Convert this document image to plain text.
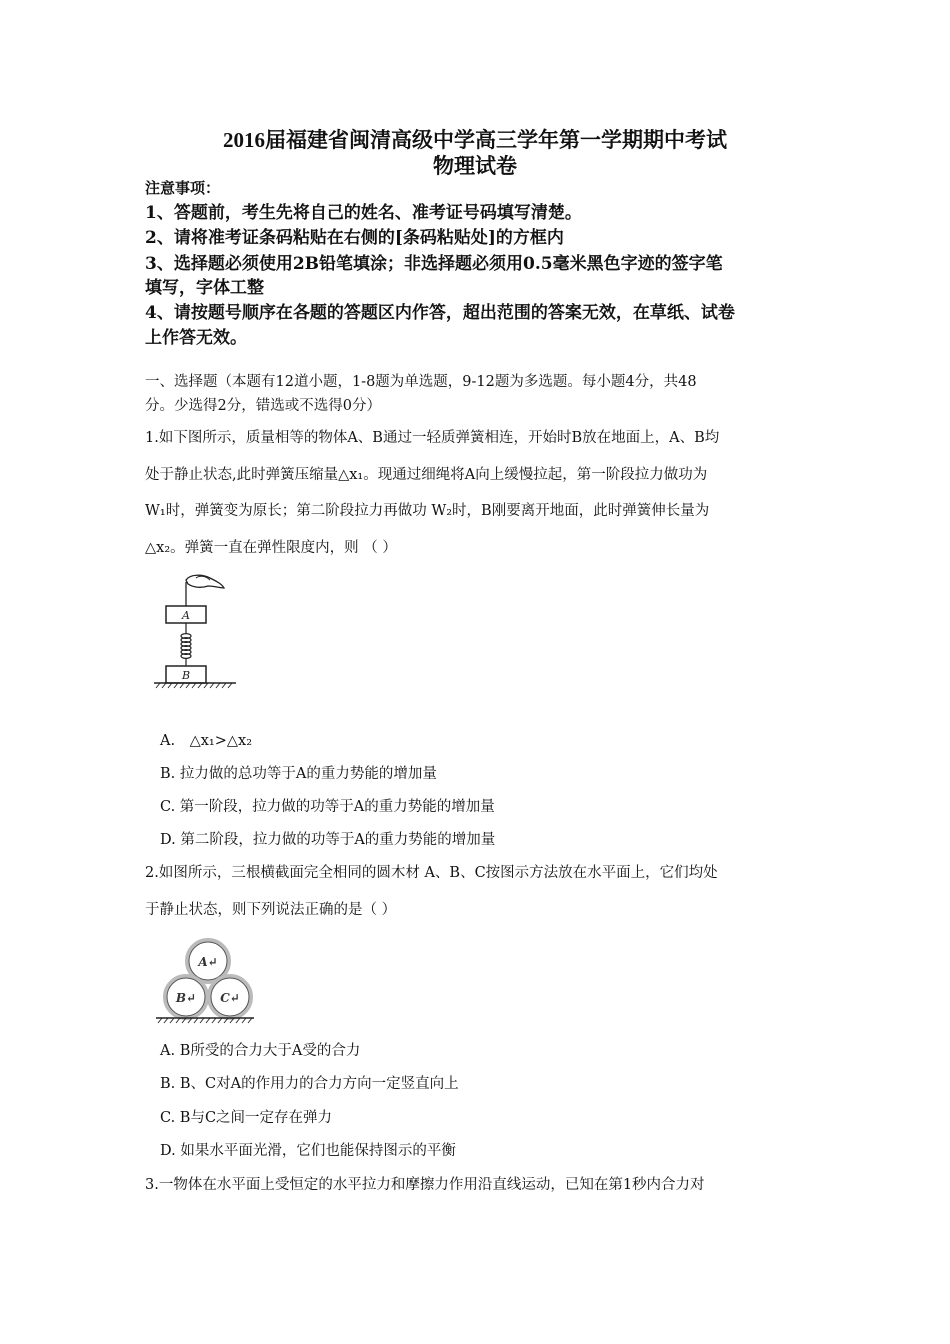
2016届福建省闽清高级中学高三学年第一学期期中考试
物理试卷
注意事项：
1、答题前，考生先将自己的姓名、准考证号码填写清楚。
2、请将准考证条码粘贴在右侧的[条码粘贴处]的方框内
3、选择题必须使用2B铅笔填涂；非选择题必须用0.5毫米黑色字迹的签字笔
填写，字体工整
4、请按题号顺序在各题的答题区内作答，超出范围的答案无效，在草纸、试卷
上作答无效。
一、选择题（本题有12道小题，1-8题为单选题，9-12题为多选题。每小题4分，共48
分。少选得2分，错选或不选得0分）
1.如下图所示，质量相等的物体A、B通过一轻质弹簧相连，开始时B放在地面上，A、B均
处于静止状态,此时弹簧压缩量△x₁。现通过细绳将A向上缓慢拉起，第一阶段拉力做功为
W₁时，弹簧变为原长；第二阶段拉力再做功 W₂时，B刚要离开地面，此时弹簧伸长量为
△x₂。弹簧一直在弹性限度内，则 （ ）
A
B
A.　△x₁>△x₂
B. 拉力做的总功等于A的重力势能的增加量
C. 第一阶段，拉力做的功等于A的重力势能的增加量
D. 第二阶段，拉力做的功等于A的重力势能的增加量
2.如图所示，三根横截面完全相同的圆木材 A、B、C按图示方法放在水平面上，它们均处
于静止状态，则下列说法正确的是（ ）
A↵
B↵ C↵
A. B所受的合力大于A受的合力
B. B、C对A的作用力的合力方向一定竖直向上
C. B与C之间一定存在弹力
D. 如果水平面光滑，它们也能保持图示的平衡
3.一物体在水平面上受恒定的水平拉力和摩擦力作用沿直线运动，已知在第1秒内合力对
